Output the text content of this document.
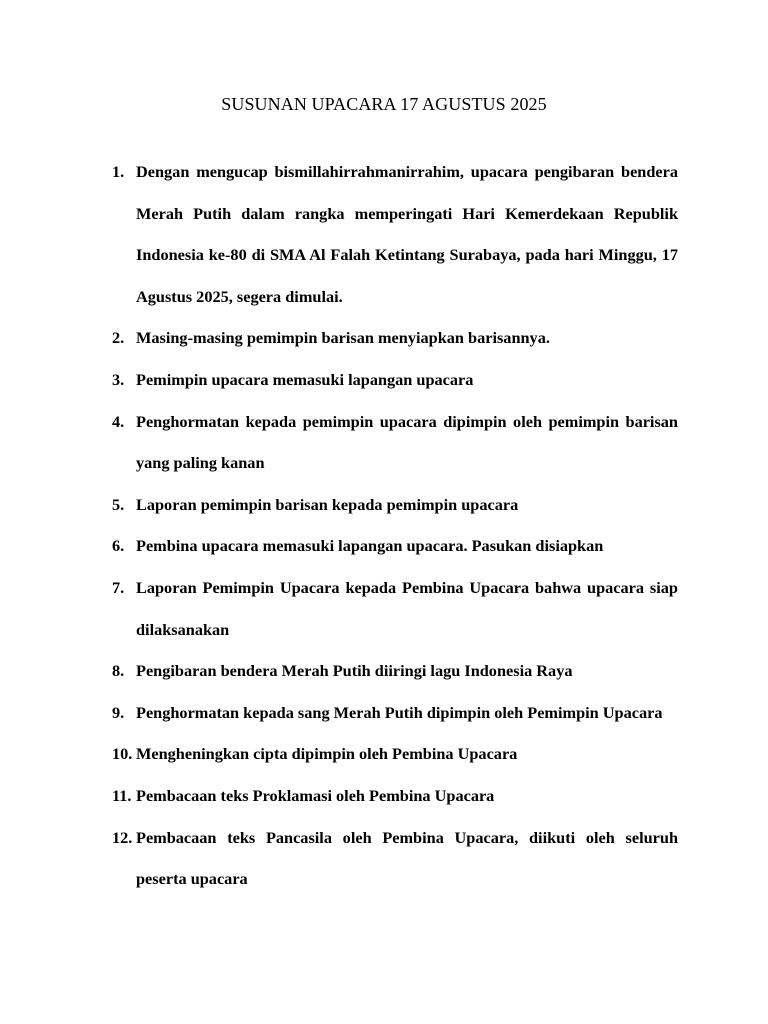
SUSUNAN UPACARA 17 AGUSTUS 2025
1. Dengan mengucap bismillahirrahmanirrahim, upacara pengibaran bendera Merah Putih dalam rangka memperingati Hari Kemerdekaan Republik Indonesia ke-80 di SMA Al Falah Ketintang Surabaya, pada hari Minggu, 17 Agustus 2025, segera dimulai.
2. Masing-masing pemimpin barisan menyiapkan barisannya.
3. Pemimpin upacara memasuki lapangan upacara
4. Penghormatan kepada pemimpin upacara dipimpin oleh pemimpin barisan yang paling kanan
5. Laporan pemimpin barisan kepada pemimpin upacara
6. Pembina upacara memasuki lapangan upacara. Pasukan disiapkan
7. Laporan Pemimpin Upacara kepada Pembina Upacara bahwa upacara siap dilaksanakan
8. Pengibaran bendera Merah Putih diiringi lagu Indonesia Raya
9. Penghormatan kepada sang Merah Putih dipimpin oleh Pemimpin Upacara
10. Mengheningkan cipta dipimpin oleh Pembina Upacara
11. Pembacaan teks Proklamasi oleh Pembina Upacara
12. Pembacaan teks Pancasila oleh Pembina Upacara, diikuti oleh seluruh peserta upacara
